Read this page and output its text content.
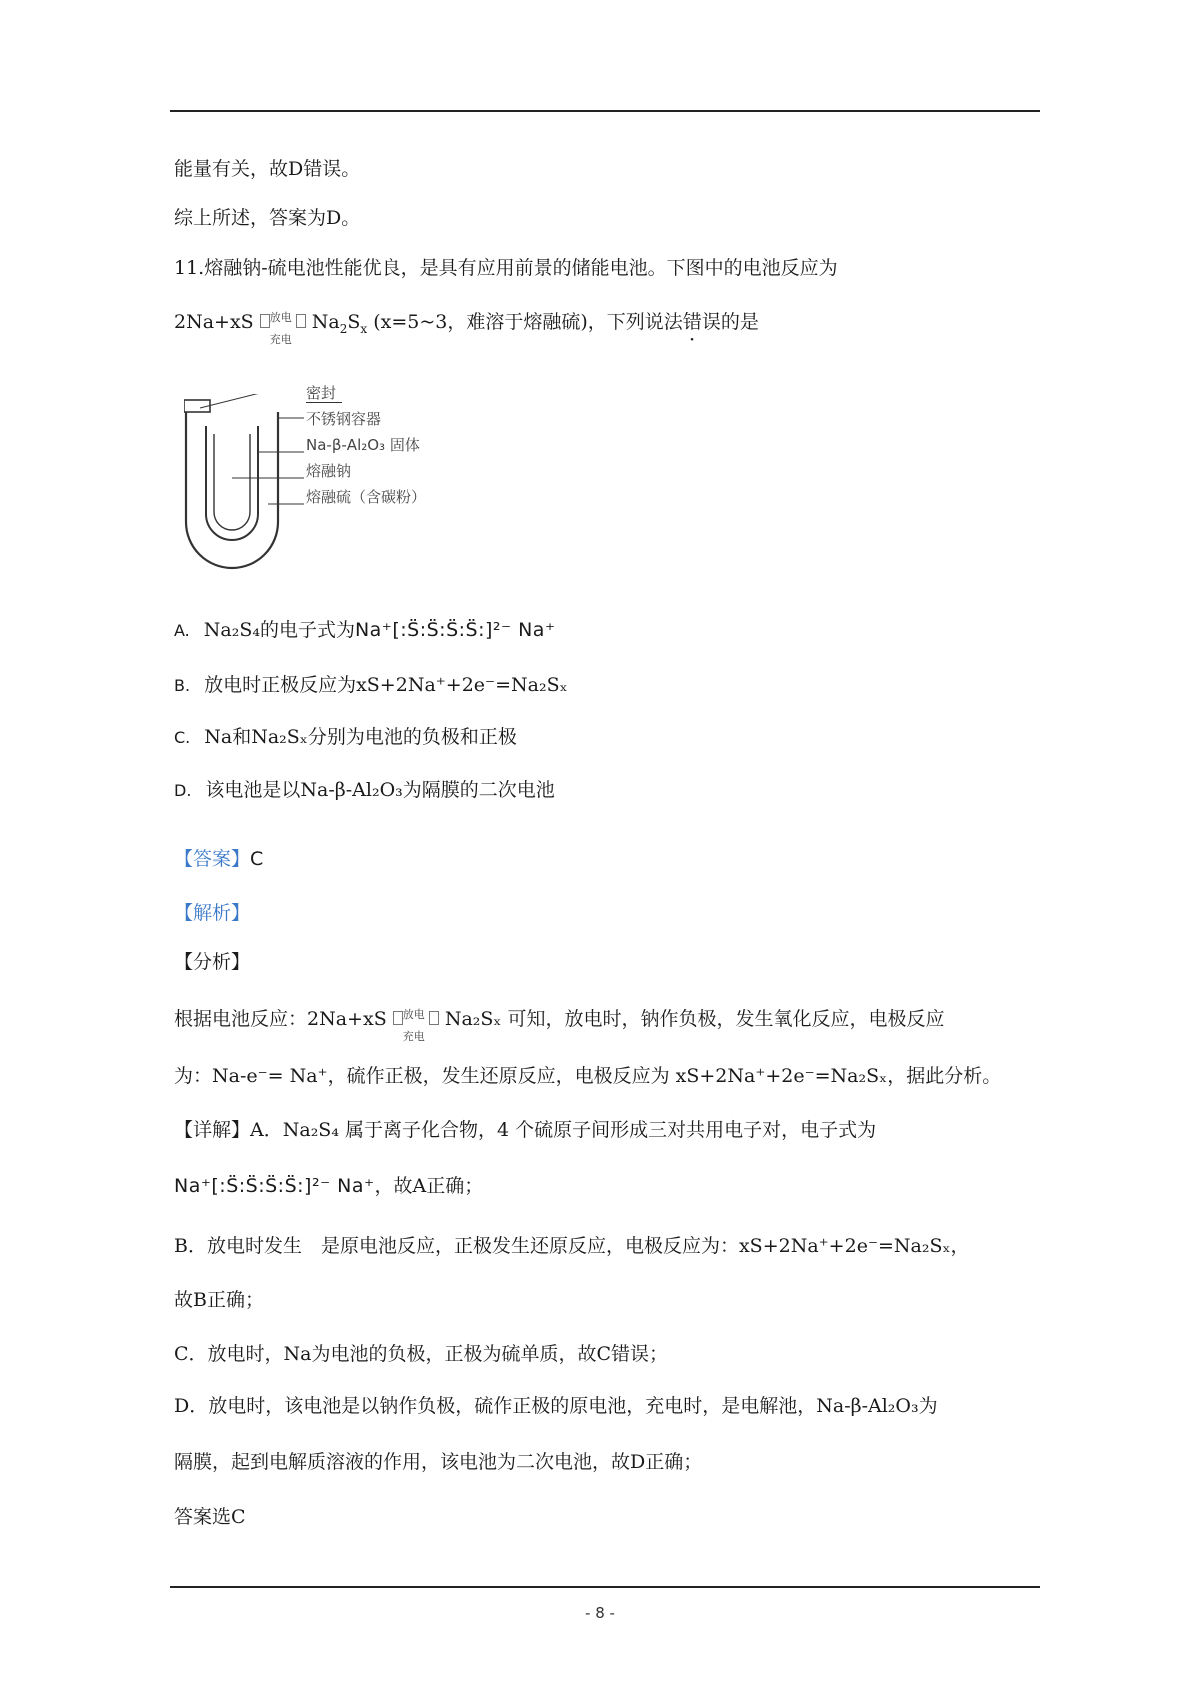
能量有关，故D错误。
综上所述，答案为D。
11.熔融钠-硫电池性能优良，是具有应用前景的储能电池。下图中的电池反应为
2Na+xS 放电
充电
$Na_2S_x$ (x=5~3，难溶于熔融硫)，下列说法错误的是
密封
不锈钢容器
Na-β-Al₂O₃ 固体
熔融钠
熔融硫（含碳粉）
A. Na₂S₄的电子式为Na⁺[:S̈:S̈:S̈:S̈:]²⁻ Na⁺
B. 放电时正极反应为xS+2Na⁺+2e⁻=Na₂Sₓ
C. Na和Na₂Sₓ分别为电池的负极和正极
D. 该电池是以Na-β-Al₂O₃为隔膜的二次电池
【答案】C
【解析】
【分析】
根据电池反应：2Na+xS 放电
充电
Na₂Sₓ 可知，放电时，钠作负极，发生氧化反应，电极反应
为：Na-e⁻= Na⁺，硫作正极，发生还原反应，电极反应为 xS+2Na⁺+2e⁻=Na₂Sₓ，据此分析。
【详解】A．Na₂S₄ 属于离子化合物，4 个硫原子间形成三对共用电子对，电子式为
Na⁺[:S̈:S̈:S̈:S̈:]²⁻ Na⁺，故A正确；
B．放电时发生　是原电池反应，正极发生还原反应，电极反应为：xS+2Na⁺+2e⁻=Na₂Sₓ，
故B正确；
C．放电时，Na为电池的负极，正极为硫单质，故C错误；
D．放电时，该电池是以钠作负极，硫作正极的原电池，充电时，是电解池，Na-β-Al₂O₃为
隔膜，起到电解质溶液的作用，该电池为二次电池，故D正确；
答案选C
- 8 -
